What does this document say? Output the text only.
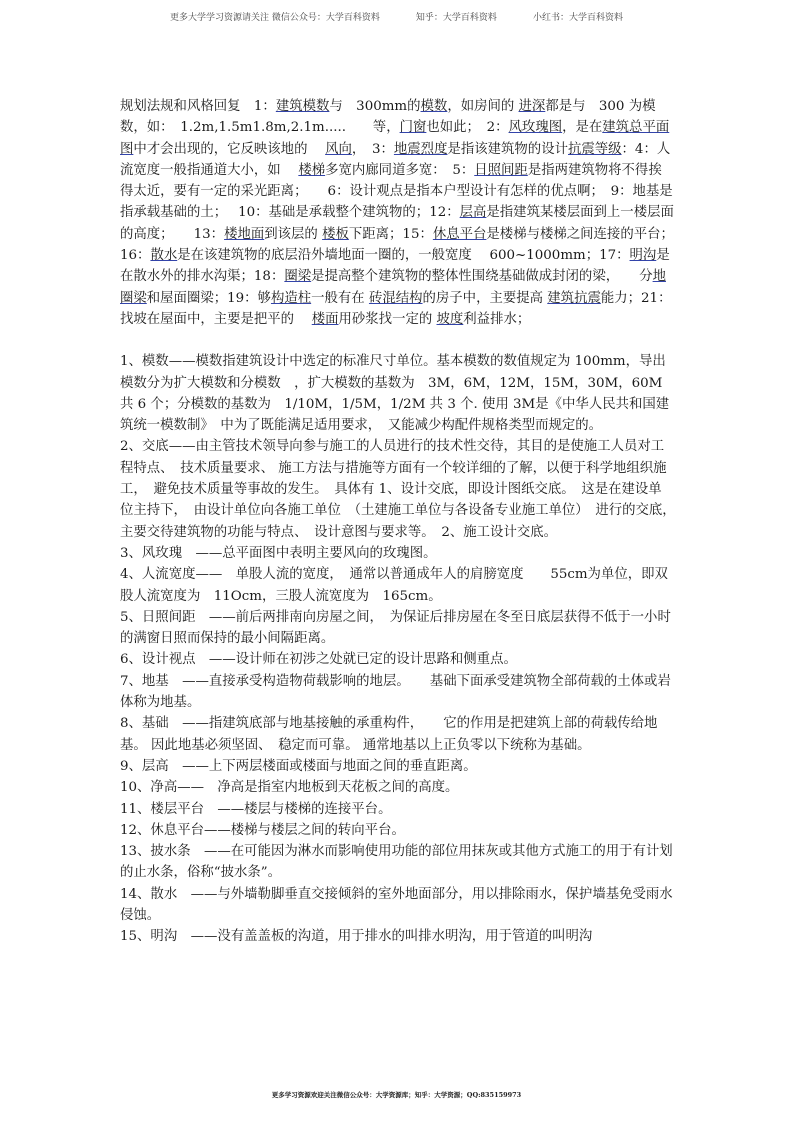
更多大学学习资源请关注 微信公众号：大学百科资料　　　　	知乎：大学百科资料　　　　	小红书：大学百科资料

规划法规和风格回复　1：建筑模数与　300mm的模数，如房间的 进深都是与　300 为模数，如：　1.2m,1.5m1.8m,2.1m.....　　等，门窗也如此；　2：风玫瑰图，是在建筑总平面图中才会出现的，它反映该地的　 风向，　3：地震烈度是指该建筑物的设计抗震等级：4：人流宽度一般指通道大小，如　 楼梯多宽内廊同道多宽：　5：日照间距是指两建筑物将不得挨得太近，要有一定的采光距离；　　6：设计观点是指本户型设计有怎样的优点啊；　9：地基是指承载基础的土；　 10：基础是承载整个建筑物的；12：层高是指建筑某楼层面到上一楼层面的高度；　　13：楼地面到该层的 楼板下距离；15：休息平台是楼梯与楼梯之间连接的平台；　 16：散水是在该建筑物的底层沿外墙地面一圈的，一般宽度　 600~1000mm；17：明沟是在散水外的排水沟渠；18：圈梁是提高整个建筑物的整体性围绕基础做成封闭的梁，　　分地圈梁和屋面圈梁；19：够构造柱一般有在 砖混结构的房子中，主要提高 建筑抗震能力；21：找坡在屋面中，主要是把平的　 楼面用砂浆找一定的 坡度利益排水；

1、模数——模数指建筑设计中选定的标准尺寸单位。基本模数的数值规定为 100mm，导出模数分为扩大模数和分模数　，扩大模数的基数为　3M，6M，12M，15M，30M，60M共 6 个；分模数的基数为　1/10M，1/5M，1/2M 共 3 个. 使用 3M是《中华人民共和国建筑统一模数制》　中为了既能满足适用要求，　又能减少构配件规格类型而规定的。

2、交底——由主管技术领导向参与施工的人员进行的技术性交待，其目的是使施工人员对工程特点、　技术质量要求、 施工方法与措施等方面有一个较详细的了解，以便于科学地组织施工，　避免技术质量等事故的发生。　具体有 1、设计交底，即设计图纸交底。　这是在建设单位主持下，　由设计单位向各施工单位　（土建施工单位与各设备专业施工单位）　进行的交底，　主要交待建筑物的功能与特点、　设计意图与要求等。　2、施工设计交底。

3、风玫瑰　——总平面图中表明主要风向的玫瑰图。

4、人流宽度——　单股人流的宽度，　通常以普通成年人的肩膀宽度　　55cm为单位，即双股人流宽度为　11Ocm，三股人流宽度为　165cm。

5、日照间距　——前后两排南向房屋之间，　为保证后排房屋在冬至日底层获得不低于一小时的满窗日照而保持的最小间隔距离。

6、设计视点　——设计师在初涉之处就已定的设计思路和侧重点。

7、地基　——直接承受构造物荷载影响的地层。　　基础下面承受建筑物全部荷载的土体或岩体称为地基。

8、基础　——指建筑底部与地基接触的承重构件，　　它的作用是把建筑上部的荷载传给地基。 因此地基必须坚固、　稳定而可靠。 通常地基以上正负零以下统称为基础。

9、层高　——上下两层楼面或楼面与地面之间的垂直距离。

10、净高——　净高是指室内地板到天花板之间的高度。

11、楼层平台　——楼层与楼梯的连接平台。

12、休息平台——楼梯与楼层之间的转向平台。

13、披水条　——在可能因为淋水而影响使用功能的部位用抹灰或其他方式施工的用于有计划的止水条，俗称“披水条”。

14、散水　——与外墙勒脚垂直交接倾斜的室外地面部分，用以排除雨水，保护墙基免受雨水侵蚀。

15、明沟　——没有盖盖板的沟道，用于排水的叫排水明沟，用于管道的叫明沟

更多学习资源欢迎关注微信公众号：大学资源库；知乎：大学资源；QQ:83515​9973
